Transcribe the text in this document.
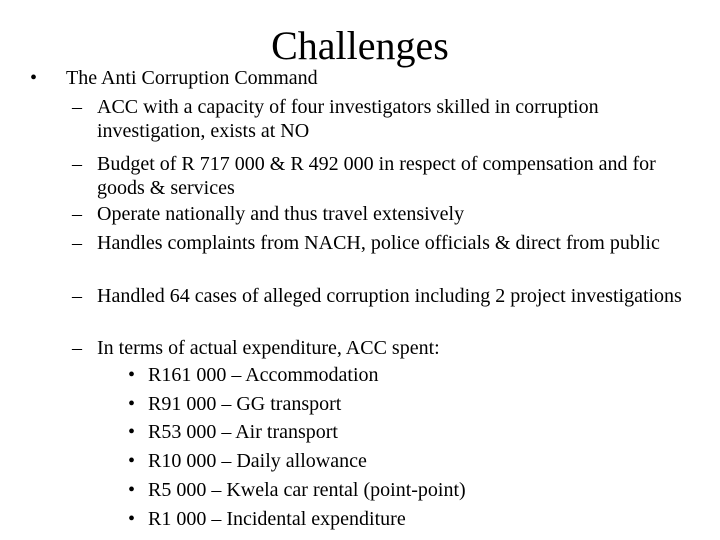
Challenges
•	The Anti Corruption Command
– ACC with a capacity of four investigators skilled in corruption investigation, exists at NO
– Budget of R 717 000 & R 492 000 in respect of compensation and for goods & services
– Operate nationally and thus travel extensively
– Handles complaints from NACH, police officials & direct from public
– Handled 64 cases of alleged corruption including 2 project investigations
– In terms of actual expenditure, ACC spent:
• R161 000 – Accommodation
• R91 000 – GG transport
• R53 000 – Air transport
• R10 000 – Daily allowance
• R5 000 – Kwela car rental (point-point)
• R1 000 – Incidental expenditure
